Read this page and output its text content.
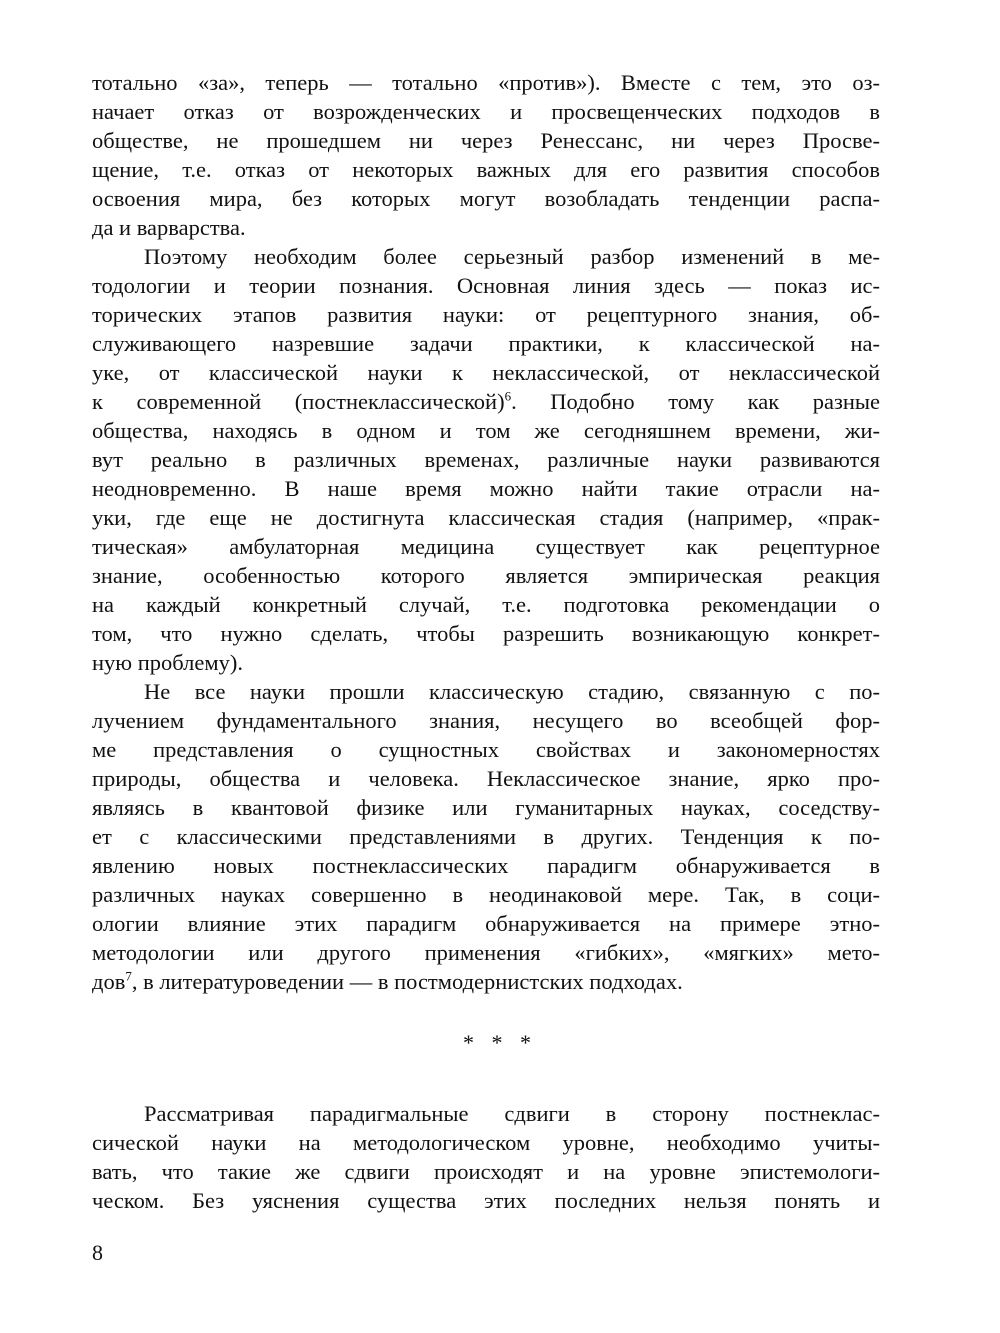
тотально «за», теперь — тотально «против»). Вместе с тем, это оз-
начает отказ от возрожденческих и просвещенческих подходов в
обществе, не прошедшем ни через Ренессанс, ни через Просве-
щение, т.е. отказ от некоторых важных для его развития способов
освоения мира, без которых могут возобладать тенденции распа-
да и варварства.
Поэтому необходим более серьезный разбор изменений в ме-
тодологии и теории познания. Основная линия здесь — показ ис-
торических этапов развития науки: от рецептурного знания, об-
служивающего назревшие задачи практики, к классической на-
уке, от классической науки к неклассической, от неклассической
к современной (постнеклассической)$^6$. Подобно тому как разные
общества, находясь в одном и том же сегодняшнем времени, жи-
вут реально в различных временах, различные науки развиваются
неодновременно. В наше время можно найти такие отрасли на-
уки, где еще не достигнута классическая стадия (например, «прак-
тическая» амбулаторная медицина существует как рецептурное
знание, особенностью которого является эмпирическая реакция
на каждый конкретный случай, т.е. подготовка рекомендации о
том, что нужно сделать, чтобы разрешить возникающую конкрет-
ную проблему).
Не все науки прошли классическую стадию, связанную с по-
лучением фундаментального знания, несущего во всеобщей фор-
ме представления о сущностных свойствах и закономерностях
природы, общества и человека. Неклассическое знание, ярко про-
являясь в квантовой физике или гуманитарных науках, соседству-
ет с классическими представлениями в других. Тенденция к по-
явлению новых постнеклассических парадигм обнаруживается в
различных науках совершенно в неодинаковой мере. Так, в соци-
ологии влияние этих парадигм обнаруживается на примере этно-
методологии или другого применения «гибких», «мягких» мето-
дов$^7$, в литературоведении — в постмодернистских подходах.
* * *
Рассматривая парадигмальные сдвиги в сторону постнеклас-
сической науки на методологическом уровне, необходимо учиты-
вать, что такие же сдвиги происходят и на уровне эпистемологи-
ческом. Без уяснения существа этих последних нельзя понять и
8
